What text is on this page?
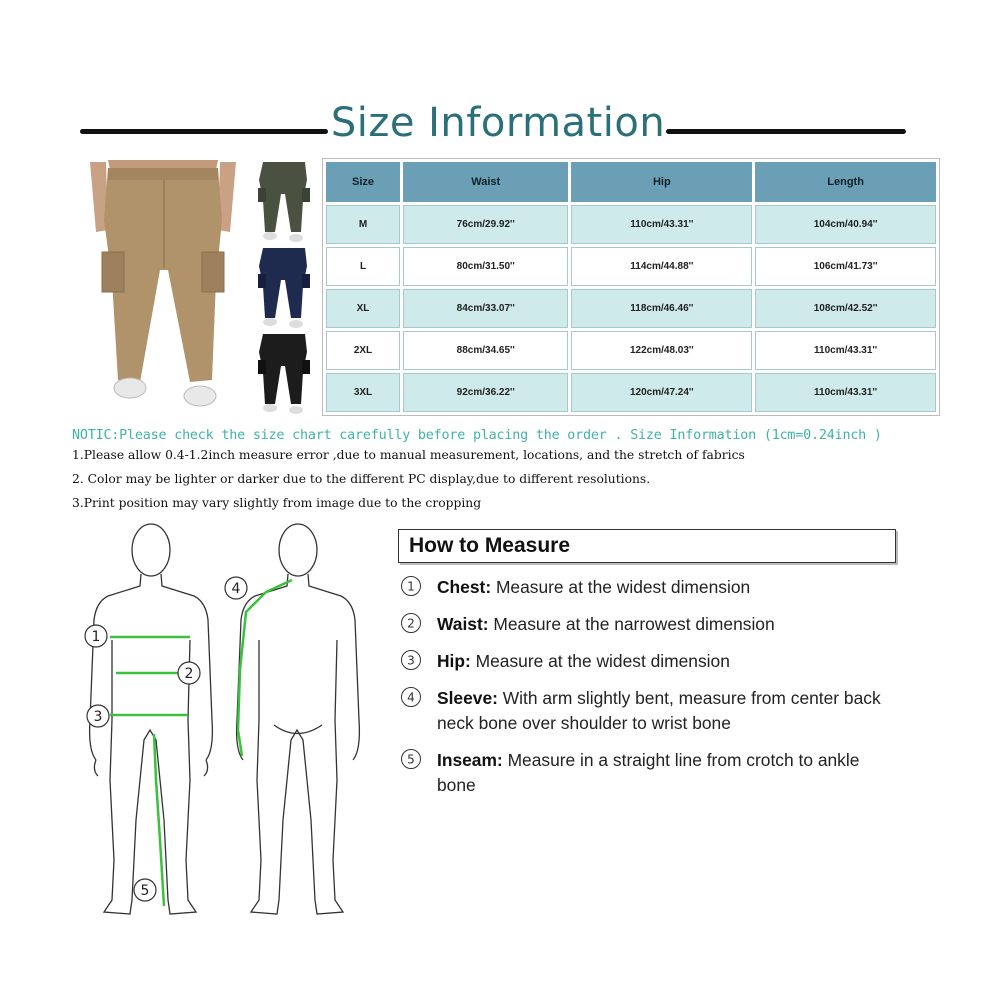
Size Information
Size	Waist	Hip	Length
M	76cm/29.92''	110cm/43.31''	104cm/40.94''
L	80cm/31.50''	114cm/44.88''	106cm/41.73''
XL	84cm/33.07''	118cm/46.46''	108cm/42.52''
2XL	88cm/34.65''	122cm/48.03''	110cm/43.31''
3XL	92cm/36.22''	120cm/47.24''	110cm/43.31''
NOTIC:Please check the size chart carefully before placing the order . Size Information (1cm=0.24inch )
1.Please allow 0.4-1.2inch measure error ,due to manual measurement, locations, and the stretch of fabrics
2. Color may be lighter or darker due to the different PC display,due to different resolutions.
3.Print position may vary slightly from image due to the cropping
1
2
3
5
4
How to Measure
1 Chest: Measure at the widest dimension
2 Waist: Measure at the narrowest dimension
3 Hip: Measure at the widest dimension
4 Sleeve: With arm slightly bent, measure from center back neck bone over shoulder to wrist bone
5 Inseam: Measure in a straight line from crotch to ankle bone
